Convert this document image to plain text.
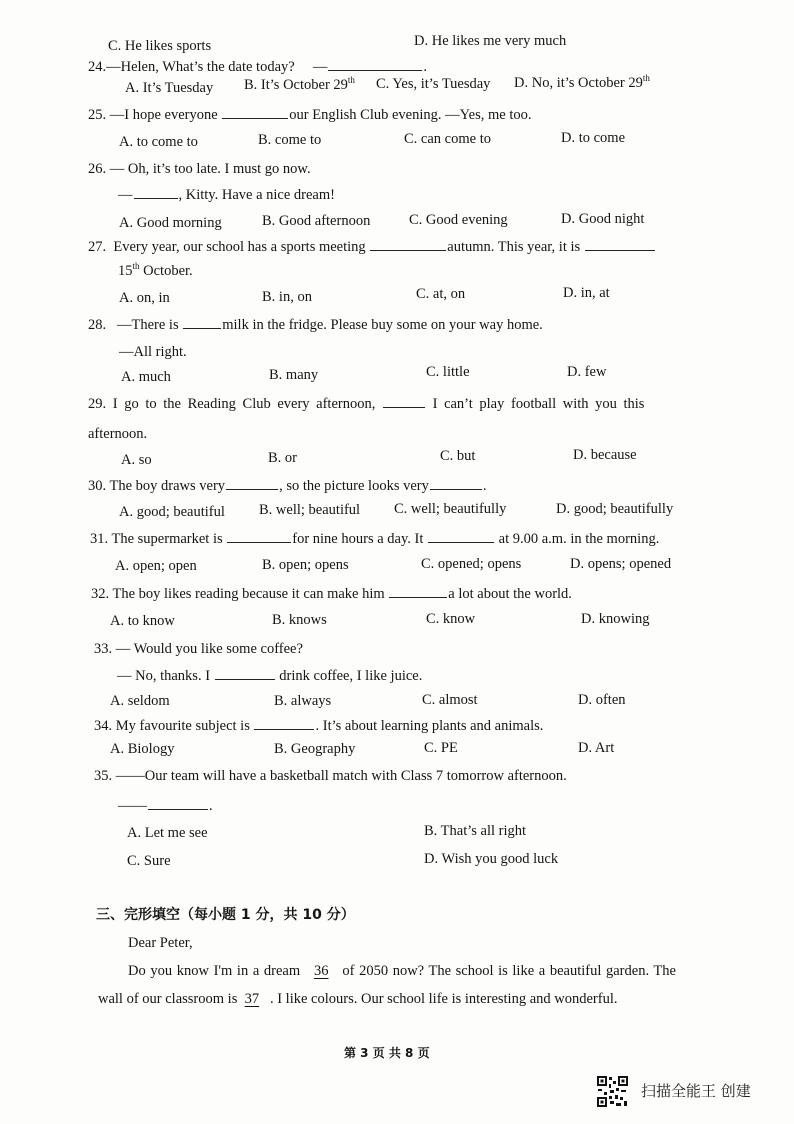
C. He likes sports	D. He likes me very much
24.—Helen, What’s the date today? —	.
A. It’s Tuesday B. It’s October 29th C. Yes, it’s Tuesday D. No, it’s October 29th
25. —I hope everyone	our English Club evening. —Yes, me too.
A. to come to	B. come to	C. can come to	D. to come
26. — Oh, it’s too late. I must go now.
—	, Kitty. Have a nice dream!
A. Good morning	B. Good afternoon	C. Good evening	D. Good night
27. Every year, our school has a sports meeting	autumn. This year, it is
15th October.
A. on, in	B. in, on	C. at, on	D. in, at
28. —There is	milk in the fridge. Please buy some on your way home.
—All right.
A. much	B. many	C. little	D. few
29. I go to the Reading Club every afternoon,	I can’t play football with you this
afternoon.
A. so	B. or	C. but	D. because
30. The boy draws very	, so the picture looks very	.
A. good; beautiful B. well; beautiful C. well; beautifully	D. good; beautifully
31. The supermarket is	for nine hours a day. It	at 9.00 a.m. in the morning.
A. open; open	B. open; opens	C. opened; opens	D. opens; opened
32. The boy likes reading because it can make him	a lot about the world.
A. to know	B. knows	C. know	D. knowing
33. — Would you like some coffee?
— No, thanks. I	drink coffee, I like juice.
A. seldom	B. always	C. almost	D. often
34. My favourite subject is	. It’s about learning plants and animals.
A. Biology	B. Geography	C. PE	D. Art
35. ——Our team will have a basketball match with Class 7 tomorrow afternoon.
——	.
A. Let me see	B. That’s all right
C. Sure	D. Wish you good luck
三、完形填空（每小题 1 分，共 10 分）
Dear Peter,
Do you know I'm in a dream 36 of 2050 now? The school is like a beautiful garden. The
wall of our classroom is 37 . I like colours. Our school life is interesting and wonderful.
第 3 页 共 8 页
扫描全能王 创建
